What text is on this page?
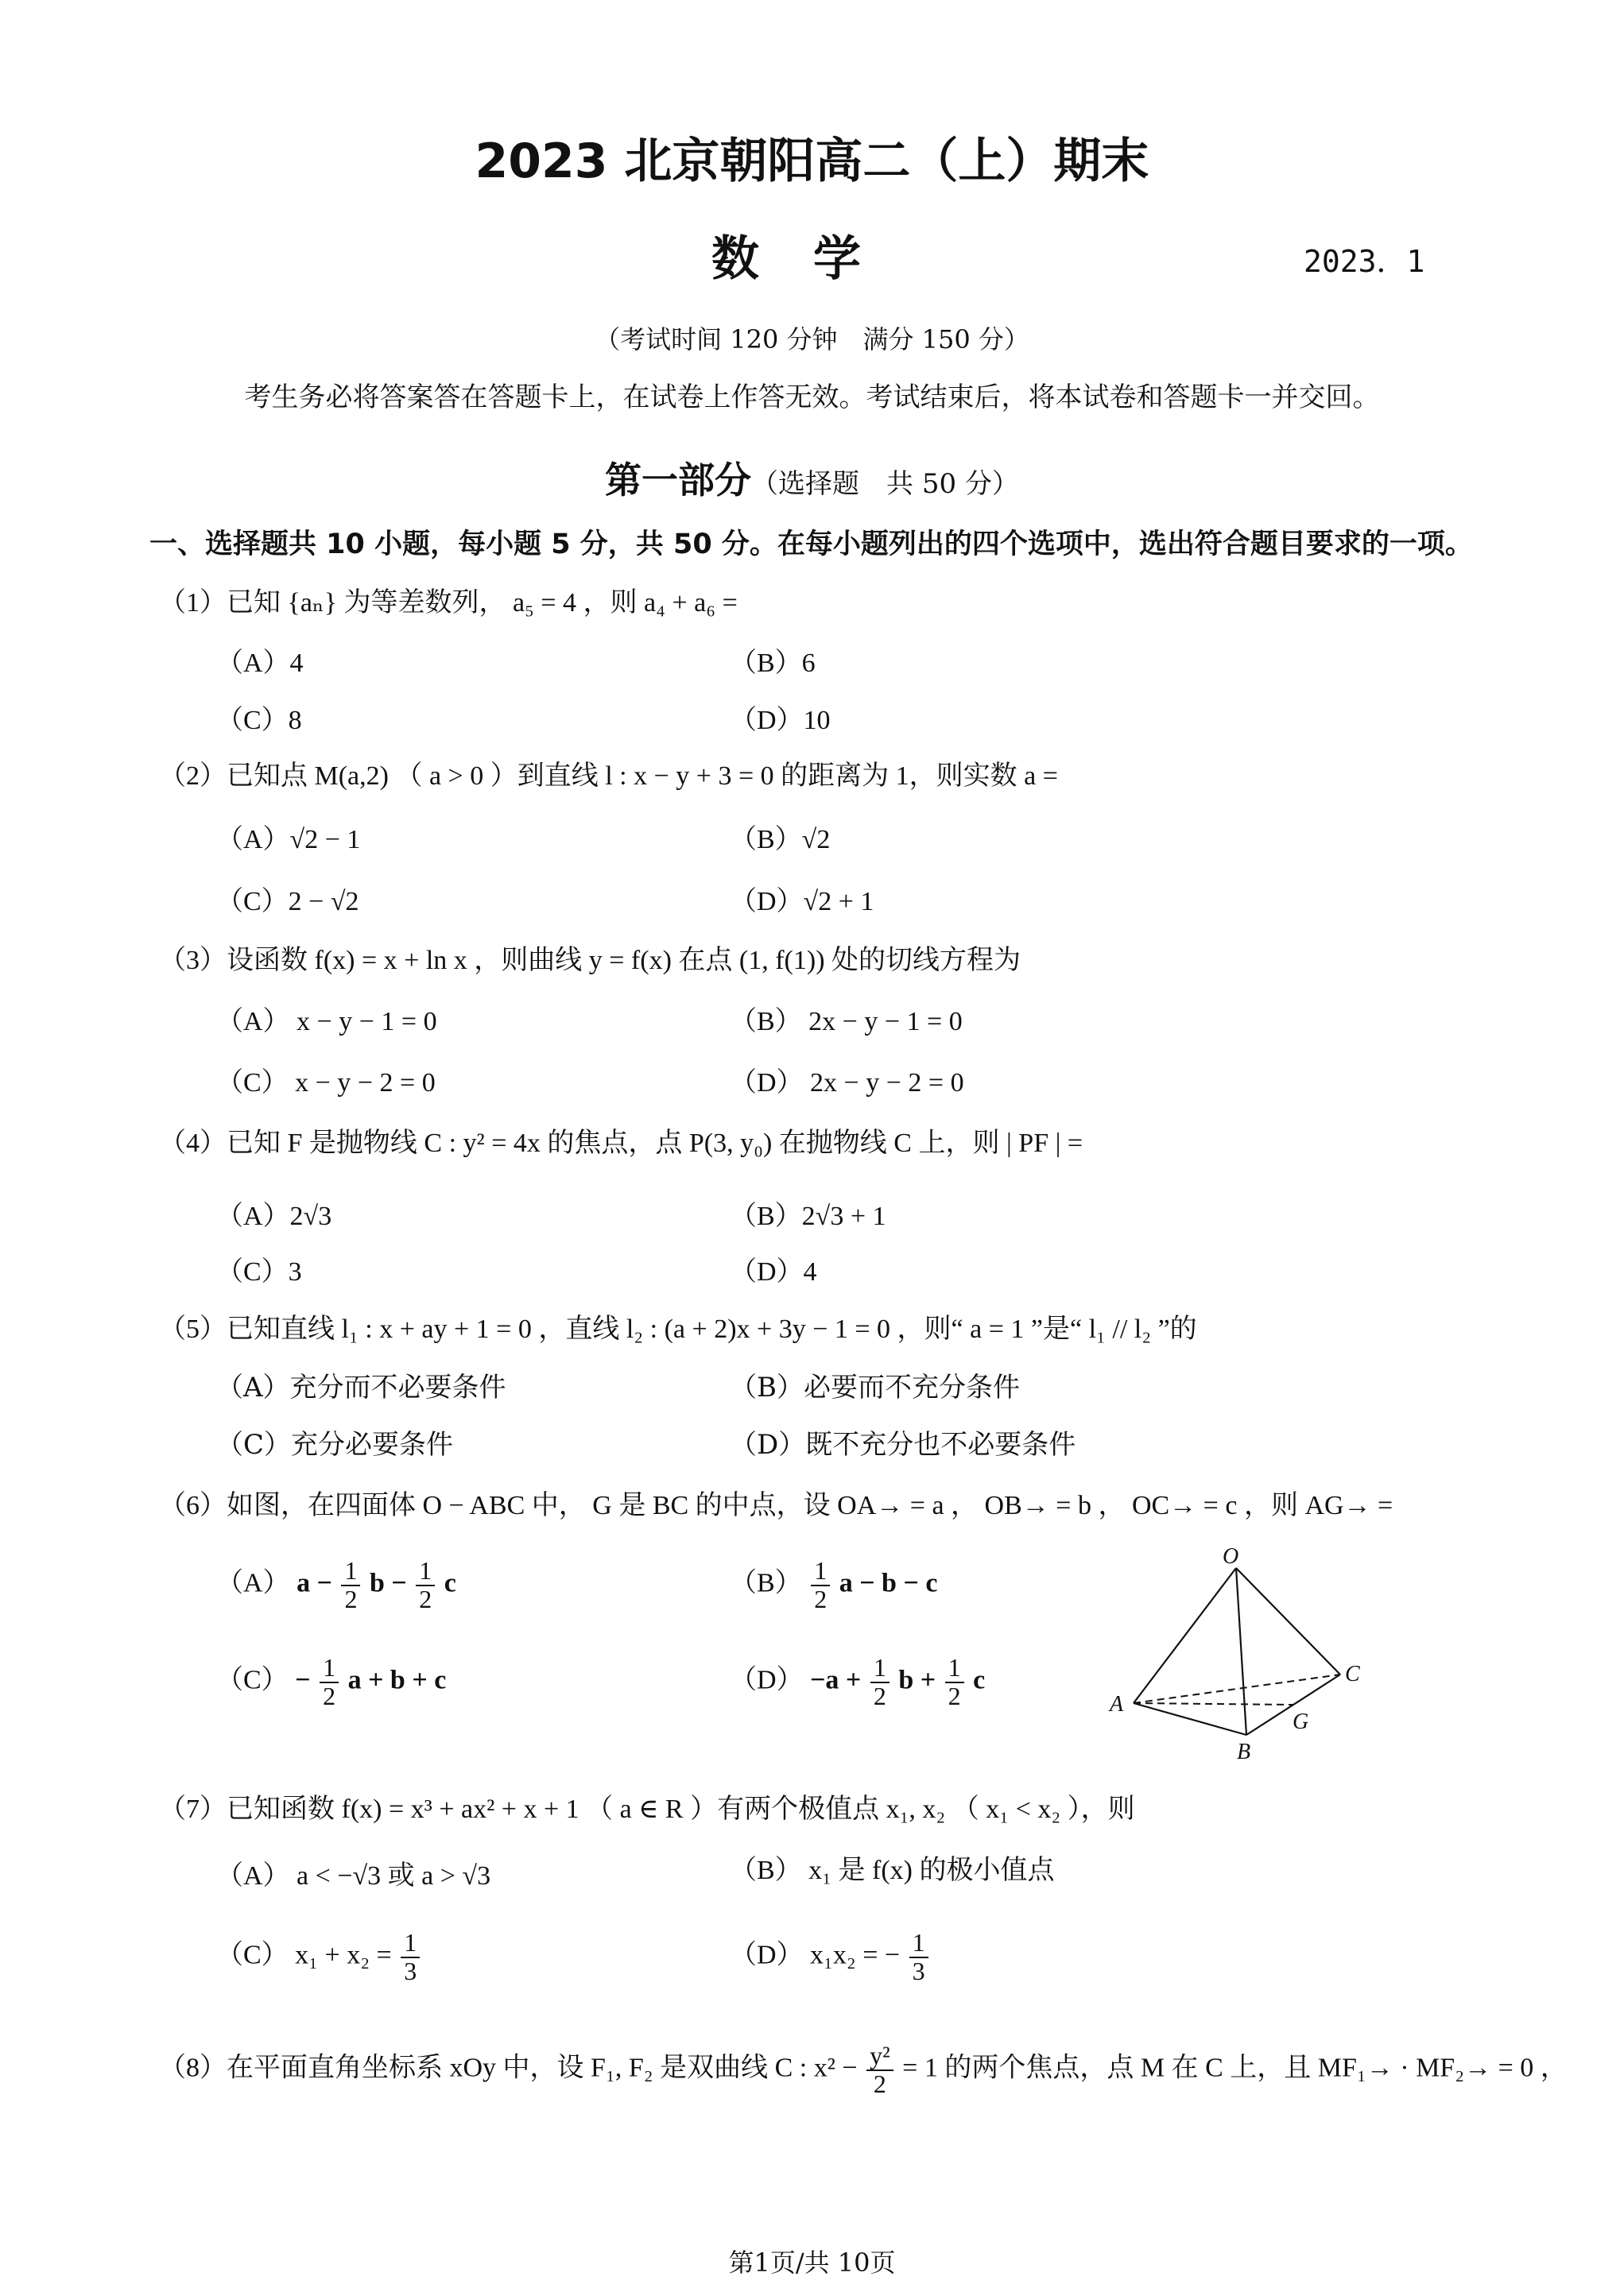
2023 北京朝阳高二（上）期末
数　学	2023．1
（考试时间 120 分钟　满分 150 分）
考生务必将答案答在答题卡上，在试卷上作答无效。考试结束后，将本试卷和答题卡一并交回。
第一部分（选择题　共 50 分）
一、选择题共 10 小题，每小题 5 分，共 50 分。在每小题列出的四个选项中，选出符合题目要求的一项。
（1）已知 {aₙ} 为等差数列， a₅ = 4 ，则 a₄ + a₆ =
（A）4	（B）6
（C）8	（D）10
（2）已知点 M(a,2) （ a > 0 ）到直线 l : x − y + 3 = 0 的距离为 1，则实数 a =
（A）√2 − 1	（B）√2
（C）2 − √2	（D）√2 + 1
（3）设函数 f(x) = x + ln x ，则曲线 y = f(x) 在点 (1, f(1)) 处的切线方程为
（A） x − y − 1 = 0	（B） 2x − y − 1 = 0
（C） x − y − 2 = 0	（D） 2x − y − 2 = 0
（4）已知 F 是抛物线 C : y² = 4x 的焦点，点 P(3, y₀) 在抛物线 C 上，则 | PF | =
（A）2√3	（B）2√3 + 1
（C）3	（D）4
（5）已知直线 l₁ : x + ay + 1 = 0 ，直线 l₂ : (a + 2)x + 3y − 1 = 0 ，则“ a = 1 ”是“ l₁ // l₂ ”的
（A）充分而不必要条件	（B）必要而不充分条件
（C）充分必要条件	（D）既不充分也不必要条件
（6）如图，在四面体 O − ABC 中， G 是 BC 的中点，设 OA→ = a ， OB→ = b ， OC→ = c ，则 AG→ =
（A） $a - \frac{1}{2}$ $b - \frac{1}{2}$ c	$(B) \frac{1}{2}$ a − b − c
$(C) - \frac{1}{2}$ a + b + c	$(D) -a + \frac{1}{2}$ $b + \frac{1}{2}$ c
O
A
B
C
G
（7）已知函数 f(x) = x³ + ax² + x + 1 （ a ∈ R ）有两个极值点 x₁, x₂ （ x₁ < x₂ ），则
（A） a < −√3 或 a > √3	（B） x₁ 是 f(x) 的极小值点
（C） $x_1 + x_2 = \frac{1}{3}$	（D） x₁x₂ = − $\frac{1}{3}$
（8）在平面直角坐标系 xOy 中，设 F₁, F₂ 是双曲线 C : $x^2 - \frac{\text{y²}}{2} = 1$ 的两个焦点，点 M 在 C 上，且 MF₁→ · MF₂→ = 0 ，
第1页/共 10页
